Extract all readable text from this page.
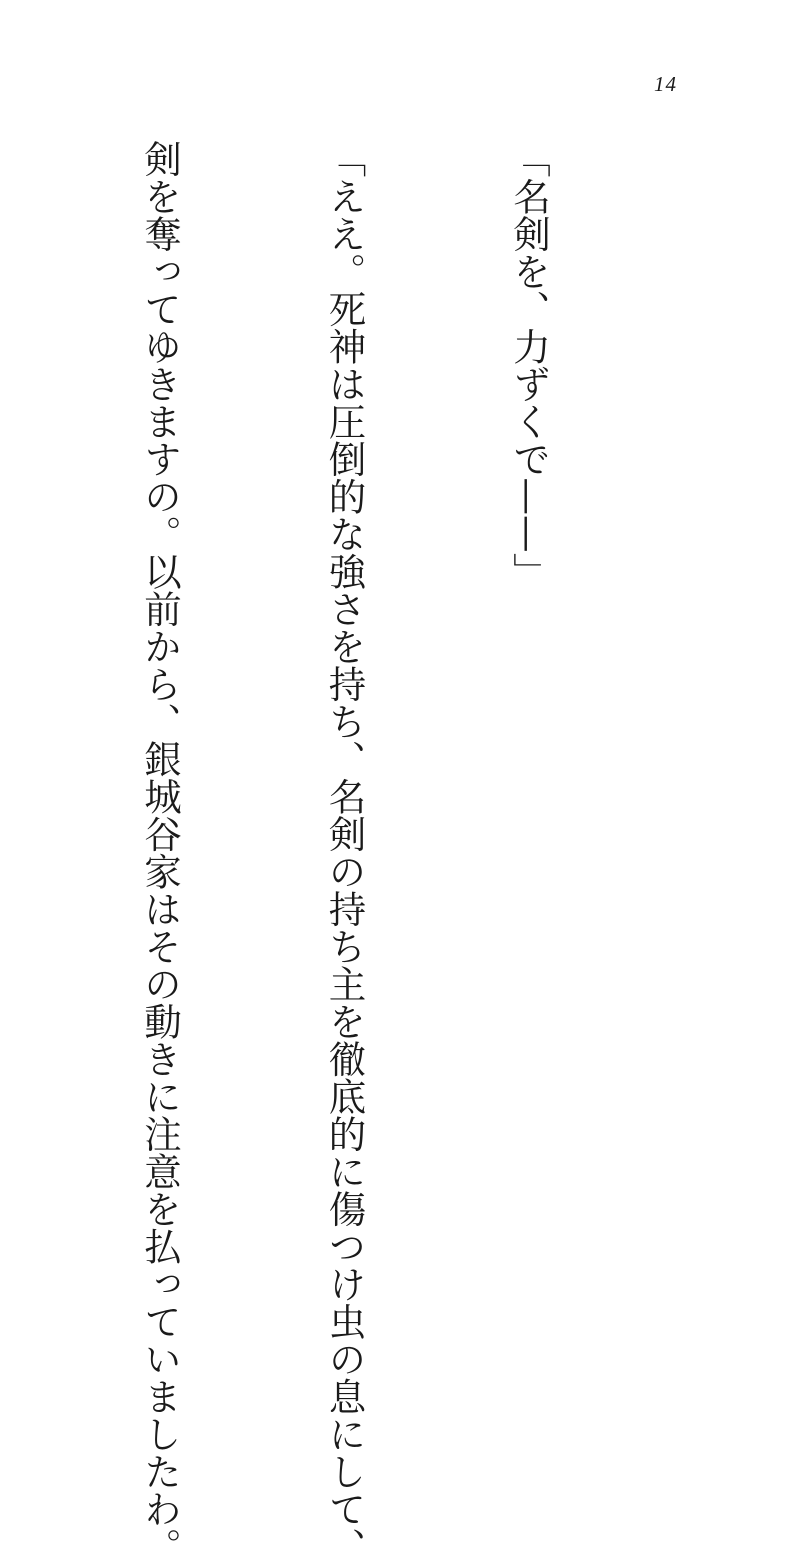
14

「名剣を、力ずくで——」

「ええ。死神は圧倒的な強さを持ち、名剣の持ち主を徹底的に傷つけ虫の息にして、

剣を奪ってゆきますの。以前から、銀城谷家はその動きに注意を払っていましたわ。
